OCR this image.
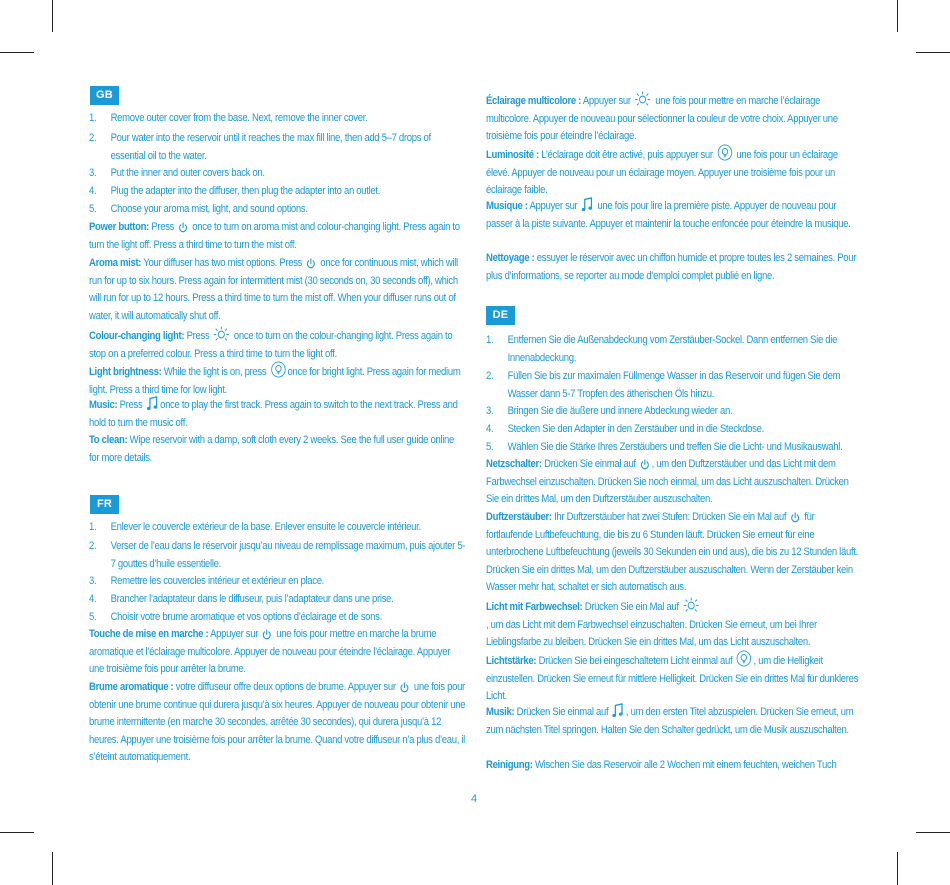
GB
1.	Remove outer cover from the base. Next, remove the inner cover.
2.	Pour water into the reservoir until it reaches the max fill line, then add 5–7 drops of essential oil to the water.
3.	Put the inner and outer covers back on.
4.	Plug the adapter into the diffuser, then plug the adapter into an outlet.
5.	Choose your aroma mist, light, and sound options.
Power button: Press  once to turn on aroma mist and colour-changing light. Press again to turn the light off. Press a third time to turn the mist off.
Aroma mist: Your diffuser has two mist options. Press  once for continuous mist, which will run for up to six hours. Press again for intermittent mist (30 seconds on, 30 seconds off), which will run for up to 12 hours. Press a third time to turn the mist off. When your diffuser runs out of water, it will automatically shut off.
Colour-changing light: Press  once to turn on the colour-changing light. Press again to stop on a preferred colour. Press a third time to turn the light off.
Light brightness: While the light is on, press once for bright light. Press again for medium light. Press a third time for low light.
Music: Press once to play the first track. Press again to switch to the next track. Press and hold to turn the music off.
To clean: Wipe reservoir with a damp, soft cloth every 2 weeks. See the full user guide online for more details.
FR
1.	Enlever le couvercle extérieur de la base. Enlever ensuite le couvercle intérieur.
2.	Verser de l’eau dans le réservoir jusqu’au niveau de remplissage maximum, puis ajouter 5-7 gouttes d’huile essentielle.
3.	Remettre les couvercles intérieur et extérieur en place.
4.	Brancher l’adaptateur dans le diffuseur, puis l’adaptateur dans une prise.
5.	Choisir votre brume aromatique et vos options d’éclairage et de sons.
Touche de mise en marche : Appuyer sur  une fois pour mettre en marche la brume aromatique et l’éclairage multicolore. Appuyer de nouveau pour éteindre l’éclairage. Appuyer une troisième fois pour arrêter la brume.
Brume aromatique : votre diffuseur offre deux options de brume. Appuyer sur  une fois pour obtenir une brume continue qui durera jusqu’à six heures. Appuyer de nouveau pour obtenir une brume intermittente (en marche 30 secondes, arrêtée 30 secondes), qui durera jusqu’à 12 heures. Appuyer une troisième fois pour arrêter la brume. Quand votre diffuseur n’a plus d’eau, il s’éteint automatiquement.
Éclairage multicolore : Appuyer sur  une fois pour mettre en marche l’éclairage multicolore. Appuyer de nouveau pour sélectionner la couleur de votre choix. Appuyer une troisième fois pour éteindre l’éclairage.
Luminosité : L’éclairage doit être activé, puis appuyer sur  une fois pour un éclairage élevé. Appuyer de nouveau pour un éclairage moyen. Appuyer une troisième fois pour un éclairage faible.
Musique : Appuyer sur  une fois pour lire la première piste. Appuyer de nouveau pour passer à la piste suivante. Appuyer et maintenir la touche enfoncée pour éteindre la musique.
Nettoyage : essuyer le réservoir avec un chiffon humide et propre toutes les 2 semaines. Pour plus d’informations, se reporter au mode d’emploi complet publié en ligne.
DE
1.	Entfernen Sie die Außenabdeckung vom Zerstäuber-Sockel. Dann entfernen Sie die Innenabdeckung.
2.	Füllen Sie bis zur maximalen Füllmenge Wasser in das Reservoir und fügen Sie dem Wasser dann 5-7 Tropfen des ätherischen Öls hinzu.
3.	Bringen Sie die äußere und innere Abdeckung wieder an.
4.	Stecken Sie den Adapter in den Zerstäuber und in die Steckdose.
5.	Wählen Sie die Stärke Ihres Zerstäubers und treffen Sie die Licht- und Musikauswahl.
Netzschalter: Drücken Sie einmal auf , um den Duftzerstäuber und das Licht mit dem Farbwechsel einzuschalten. Drücken Sie noch einmal, um das Licht auszuschalten. Drücken Sie ein drittes Mal, um den Duftzerstäuber auszuschalten.
Duftzerstäuber: Ihr Duftzerstäuber hat zwei Stufen: Drücken Sie ein Mal auf  für fortlaufende Luftbefeuchtung, die bis zu 6 Stunden läuft. Drücken Sie erneut für eine unterbrochene Luftbefeuchtung (jeweils 30 Sekunden ein und aus), die bis zu 12 Stunden läuft. Drücken Sie ein drittes Mal, um den Duftzerstäuber auszuschalten. Wenn der Zerstäuber kein Wasser mehr hat, schaltet er sich automatisch aus.
Licht mit Farbwechsel: Drücken Sie ein Mal auf
, um das Licht mit dem Farbwechsel einzuschalten. Drücken Sie erneut, um bei Ihrer Lieblingsfarbe zu bleiben. Drücken Sie ein drittes Mal, um das Licht auszuschalten.
Lichtstärke: Drücken Sie bei eingeschaltetem Licht einmal auf , um die Helligkeit einzustellen. Drücken Sie erneut für mittlere Helligkeit. Drücken Sie ein drittes Mal für dunkleres Licht.
Musik: Drücken Sie einmal auf , um den ersten Titel abzuspielen. Drücken Sie erneut, um zum nächsten Titel springen. Halten Sie den Schalter gedrückt, um die Musik auszuschalten.
Reinigung: Wischen Sie das Reservoir alle 2 Wochen mit einem feuchten, weichen Tuch
4
